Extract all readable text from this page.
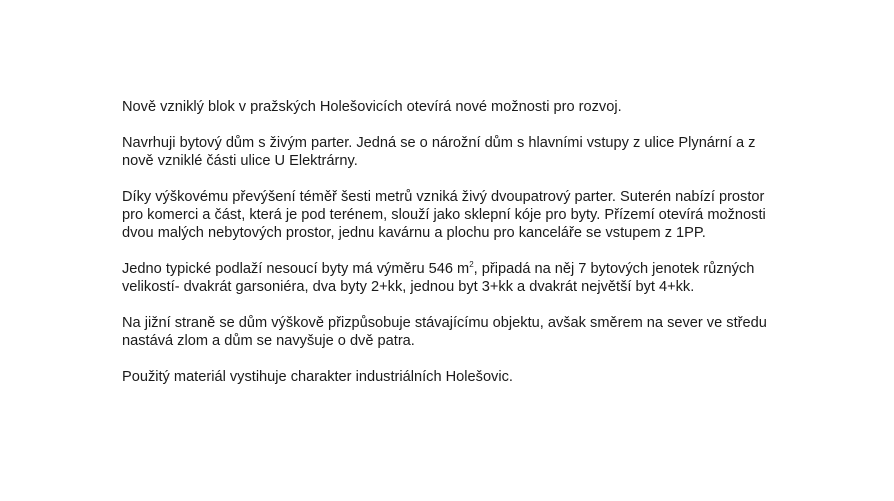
Nově vzniklý blok v pražských Holešovicích otevírá nové možnosti pro rozvoj.

Navrhuji bytový dům s živým parter. Jedná se o nárožní dům s hlavními vstupy z ulice Plynární a z
nově vzniklé části ulice U Elektrárny.

Díky výškovému převýšení téměř šesti metrů vzniká živý dvoupatrový parter. Suterén nabízí prostor
pro komerci a část, která je pod terénem, slouží jako sklepní kóje pro byty. Přízemí otevírá možnosti
dvou malých nebytových prostor, jednu kavárnu a plochu pro kanceláře se vstupem z 1PP.

Jedno typické podlaží nesoucí byty má výměru 546 $m^2$, připadá na něj 7 bytových jenotek různých
velikostí- dvakrát garsoniéra, dva byty 2+kk, jednou byt 3+kk a dvakrát největší byt 4+kk.

Na jižní straně se dům výškově přizpůsobuje stávajícímu objektu, avšak směrem na sever ve středu
nastává zlom a dům se navyšuje o dvě patra.

Použitý materiál vystihuje charakter industriálních Holešovic.
